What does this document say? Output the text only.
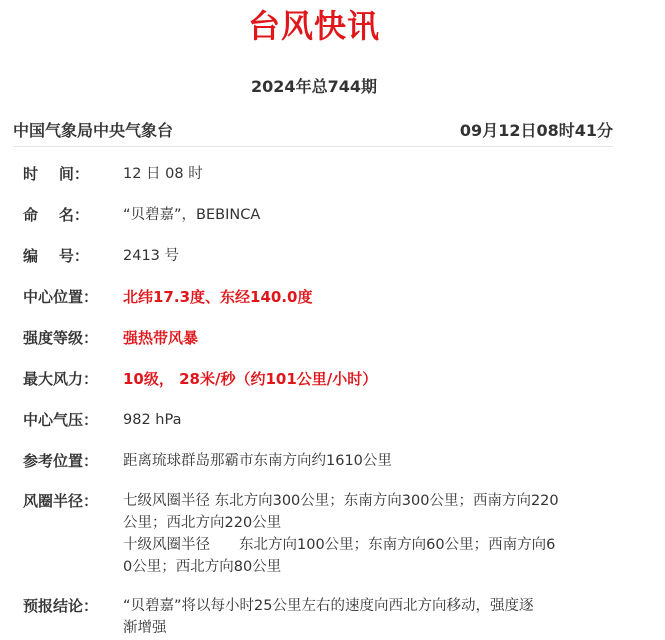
台风快讯
2024年总744期
中国气象局中央气象台	09月12日08时41分
时    间：	12 日 08 时
命    名：	“贝碧嘉”，BEBINCA
编    号：	2413 号
中心位置：	北纬17.3度、东经140.0度
强度等级：	强热带风暴
最大风力：	10级， 28米/秒（约101公里/小时）
中心气压：	982 hPa
参考位置：	距离琉球群岛那霸市东南方向约1610公里
风圈半径：	七级风圈半径 东北方向300公里；东南方向300公里；西南方向220
公里；西北方向220公里
十级风圈半径　　东北方向100公里；东南方向60公里；西南方向6
0公里；西北方向80公里
预报结论：	“贝碧嘉”将以每小时25公里左右的速度向西北方向移动，强度逐
渐增强
